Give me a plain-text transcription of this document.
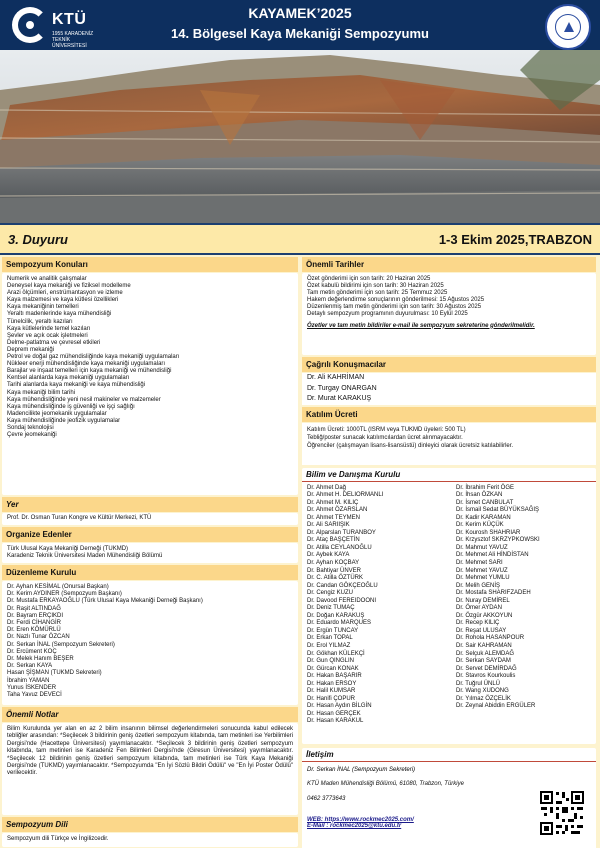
KTÜ
1955 KARADENİZ TEKNİK ÜNİVERSİTESİ
KAYAMEK’2025
14. Bölgesel Kaya Mekaniği Sempozyumu
3. Duyuru	1-3 Ekim 2025,TRABZON
Sempozyum Konuları
Numerik ve analitik çalışmalar
Deneysel kaya mekaniği ve fiziksel modelleme
Arazi ölçümleri, enstrümantasyon ve izleme
Kaya malzemesi ve kaya kütlesi özellikleri
Kaya mekaniğinin temelleri
Yeraltı madenlerinde kaya mühendisliği
Tünelcilik, yeraltı kazıları
Kaya kütlelerinde temel kazıları
Şevler ve açık ocak işletmeleri
Delme-patlatma ve çevresel etkileri
Deprem mekaniği
Petrol ve doğal gaz mühendisliğinde kaya mekaniği uygulamaları
Nükleer enerji mühendisliğinde kaya mekaniği uygulamaları
Barajlar ve inşaat temelleri için kaya mekaniği ve mühendisliği
Kentsel alanlarda kaya mekaniği uygulamaları
Tarihi alanlarda kaya mekaniği ve kaya mühendisliği
Kaya mekaniği bilim tarihi
Kaya mühendisliğinde yeni nesil makineler ve malzemeler
Kaya mühendisliğinde iş güvenliği ve işçi sağlığı
Madencilikte jeomekanik uygulamalar
Kaya mühendisliğinde jeofizik uygulamalar
Sondaj teknolojisi
Çevre jeomekaniği
Yer
Prof. Dr. Osman Turan Kongre ve Kültür Merkezi, KTÜ
Organize Edenler
Türk Ulusal Kaya Mekaniği Derneği (TUKMD)
Karadeniz Teknik Üniversitesi Maden Mühendisliği Bölümü
Düzenleme Kurulu
Dr. Ayhan KESİMAL (Onursal Başkan)
Dr. Kerim AYDINER (Sempozyum Başkanı)
Dr. Mustafa ERKAYAOĞLU (Türk Ulusal Kaya Mekaniği Derneği Başkanı)
Dr. Raşit ALTINDAĞ
Dr. Bayram ERÇIKDI
Dr. Ferdi CİHANGİR
Dr. Eren KÖMÜRLÜ
Dr. Nazlı Tunar ÖZCAN
Dr. Serkan İNAL (Sempozyum Sekreteri)
Dr. Ercüment KOÇ
Dr. Melek Hanım BEŞER
Dr. Serkan KAYA
Hasan ŞİŞMAN (TUKMD Sekreteri)
İbrahim YAMAN
Yunus İSKENDER
Taha Yavuz DEVECİ
Önemli Notlar
Bilim Kurulunda yer alan en az 2 bilim insanının bilimsel değerlendirmeleri sonucunda kabul edilecek tebliğler arasından: *Seçilecek 3 bildirinin geniş özetleri sempozyum kitabında, tam metinleri ise Yerbilimleri Dergisi'nde (Hacettepe Üniversitesi) yayımlanacaktır. *Seçilecek 3 bildirinin geniş özetleri sempozyum kitabında, tam metinleri ise Karadeniz Fen Bilimleri Dergisi'nde (Giresun Üniversitesi) yayımlanacaktır. *Seçilecek 12 bildirinin geniş özetleri sempozyum kitabında, tam metinleri ise Türk Kaya Mekaniği Dergisi'nde (TUKMD) yayımlanacaktır. *Sempozyumda "En İyi Sözlü Bildiri Ödülü" ve "En İyi Poster Ödülü" verilecektir.
Sempozyum Dili
Sempozyum dili Türkçe ve İngilizcedir.
Önemli Tarihler
Özet gönderimi için son tarih: 20 Haziran 2025
Özet kabulü bildirimi için son tarih: 30 Haziran 2025
Tam metin gönderimi için son tarih: 25 Temmuz 2025
Hakem değerlendirme sonuçlarının gönderilmesi: 15 Ağustos 2025
Düzenlenmiş tam metin gönderimi için son tarih: 30 Ağustos 2025
Detaylı sempozyum programının duyurulması: 10 Eylül 2025
Özetler ve tam metin bildiriler e-mail ile sempozyum sekreterine gönderilmelidir.
Çağrılı Konuşmacılar
Dr. Ali KAHRİMAN
Dr. Turgay ONARGAN
Dr. Murat KARAKUŞ
Katılım Ücreti
Katılım Ücreti: 1000TL (ISRM veya TUKMD üyeleri: 500 TL)
Tebliğ/poster sunacak katılımcılardan ücret alınmayacaktır.
Öğrenciler (çalışmayan lisans-lisansüstü) dinleyici olarak ücretsiz katılabilirler.
Bilim ve Danışma Kurulu
Dr. Ahmet Dağ
Dr. Ahmet H. DELIORMANLI
Dr. Ahmet M. KILIÇ
Dr. Ahmet ÖZARSLAN
Dr. Ahmet TEYMEN
Dr. Ali SARIIŞIK
Dr. Alparslan TURANBOY
Dr. Ataç BAŞÇETİN
Dr. Atilla CEYLANOĞLU
Dr. Aybek KAYA
Dr. Ayhan KOÇBAY
Dr. Bahtiyar ÜNVER
Dr. C. Atilla ÖZTÜRK
Dr. Candan GÖKÇEOĞLU
Dr. Cengiz KUZU
Dr. Davood FEREIDOONI
Dr. Deniz TUMAÇ
Dr. Doğan KARAKUŞ
Dr. Eduardo MARQUES
Dr. Ergün TUNCAY
Dr. Erkan TOPAL
Dr. Erol YILMAZ
Dr. Gökhan KÜLEKÇİ
Dr. Gun QINGLIN
Dr. Gürcan KONAK
Dr. Hakan BAŞARIR
Dr. Hakan ERSOY
Dr. Halil KUMSAR
Dr. Hanifi ÇOPUR
Dr. Hasan Aydın BİLGİN
Dr. Hasan GERÇEK
Dr. Hasan KARAKUL
Dr. İbrahim Ferit ÖGE
Dr. İhsan ÖZKAN
Dr. İsmet CANBULAT
Dr. İsmail Sedat BÜYÜKSAĞIŞ
Dr. Kadir KARAMAN
Dr. Kerim KÜÇÜK
Dr. Kourosh SHAHRIAR
Dr. Krzysztof SKRZYPKOWSKI
Dr. Mahmut YAVUZ
Dr. Mehmet Ali HİNDİSTAN
Dr. Mehmet SARI
Dr. Mehmet YAVUZ
Dr. Mehmet YUMLU
Dr. Melih GENİŞ
Dr. Mostafa SHARIFZADEH
Dr. Nuray DEMİREL
Dr. Ömer AYDAN
Dr. Özgür AKKOYUN
Dr. Recep KILIÇ
Dr. Reşat ULUSAY
Dr. Rohola HASANPOUR
Dr. Sair KAHRAMAN
Dr. Selçuk ALEMDAĞ
Dr. Serkan SAYDAM
Dr. Servet DEMİRDAĞ
Dr. Stavros Kourkoulis
Dr. Tuğrul ÜNLÜ
Dr. Wang XUDONG
Dr. Yılmaz ÖZÇELİK
Dr. Zeynal Abiddin ERGÜLER
İletişim
Dr. Serkan İNAL (Sempozyum Sekreteri)
KTÜ Maden Mühendisliği Bölümü, 61080, Trabzon, Türkiye
0462 3773643
WEB: https://www.rockmec2025.com/
E-Mail : rockmec2025@ktu.edu.tr
